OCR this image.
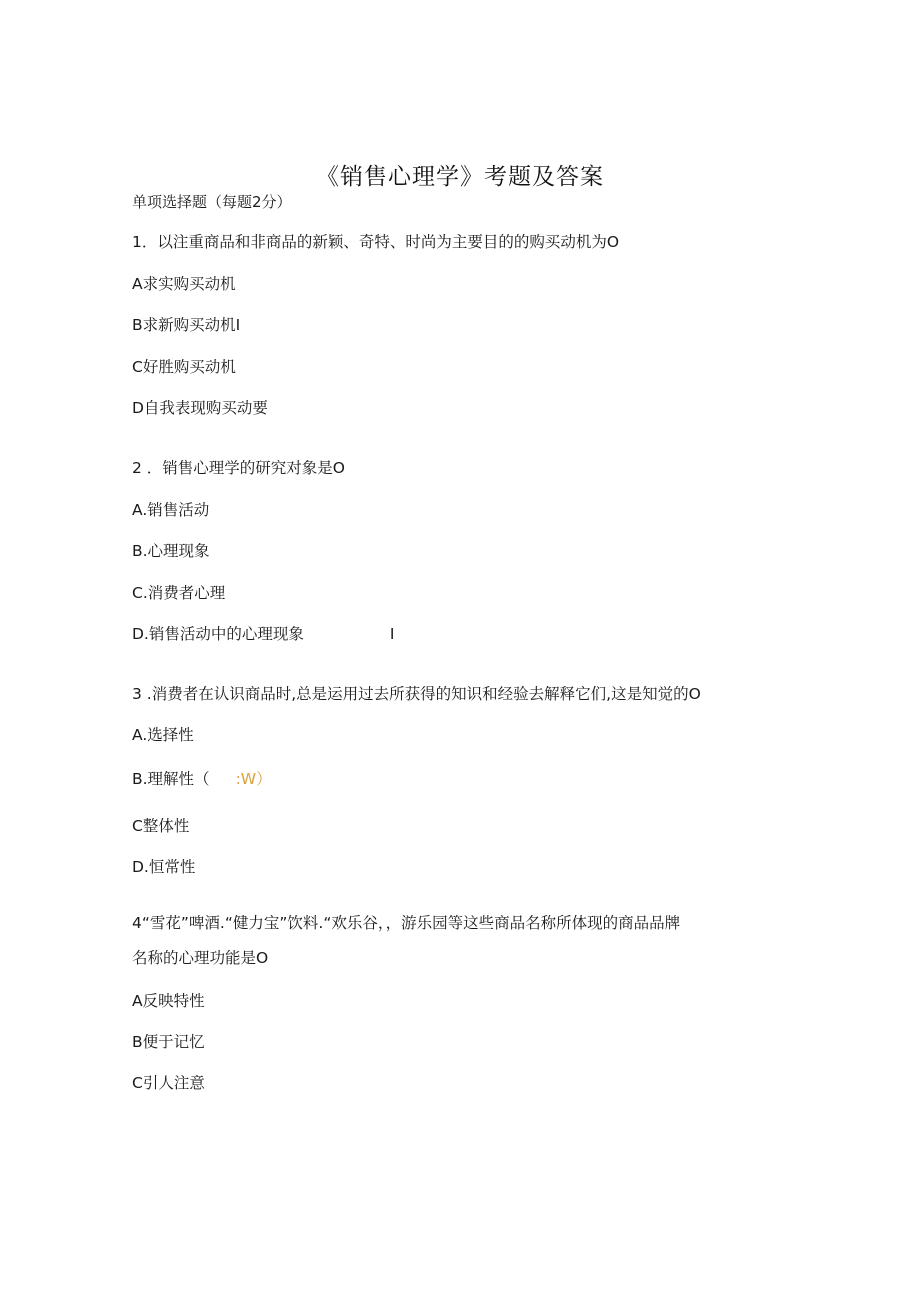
《销售心理学》考题及答案
单项选择题（每题2分）
1．以注重商品和非商品的新颖、奇特、时尚为主要目的的购买动机为O
A求实购买动机
B求新购买动机I
C好胜购买动机
D自我表现购买动要
2 ．销售心理学的研究对象是O
A.销售活动
B.心理现象
C.消费者心理
D.销售活动中的心理现象	I
3 .消费者在认识商品时,总是运用过去所获得的知识和经验去解释它们,这是知觉的O
A.选择性
B.理解性（ :W）
C整体性
D.恒常性
4“雪花”啤酒.“健力宝”饮料.“欢乐谷，，游乐园等这些商品名称所体现的商品品牌
名称的心理功能是O
A反映特性
B便于记忆
C引人注意
